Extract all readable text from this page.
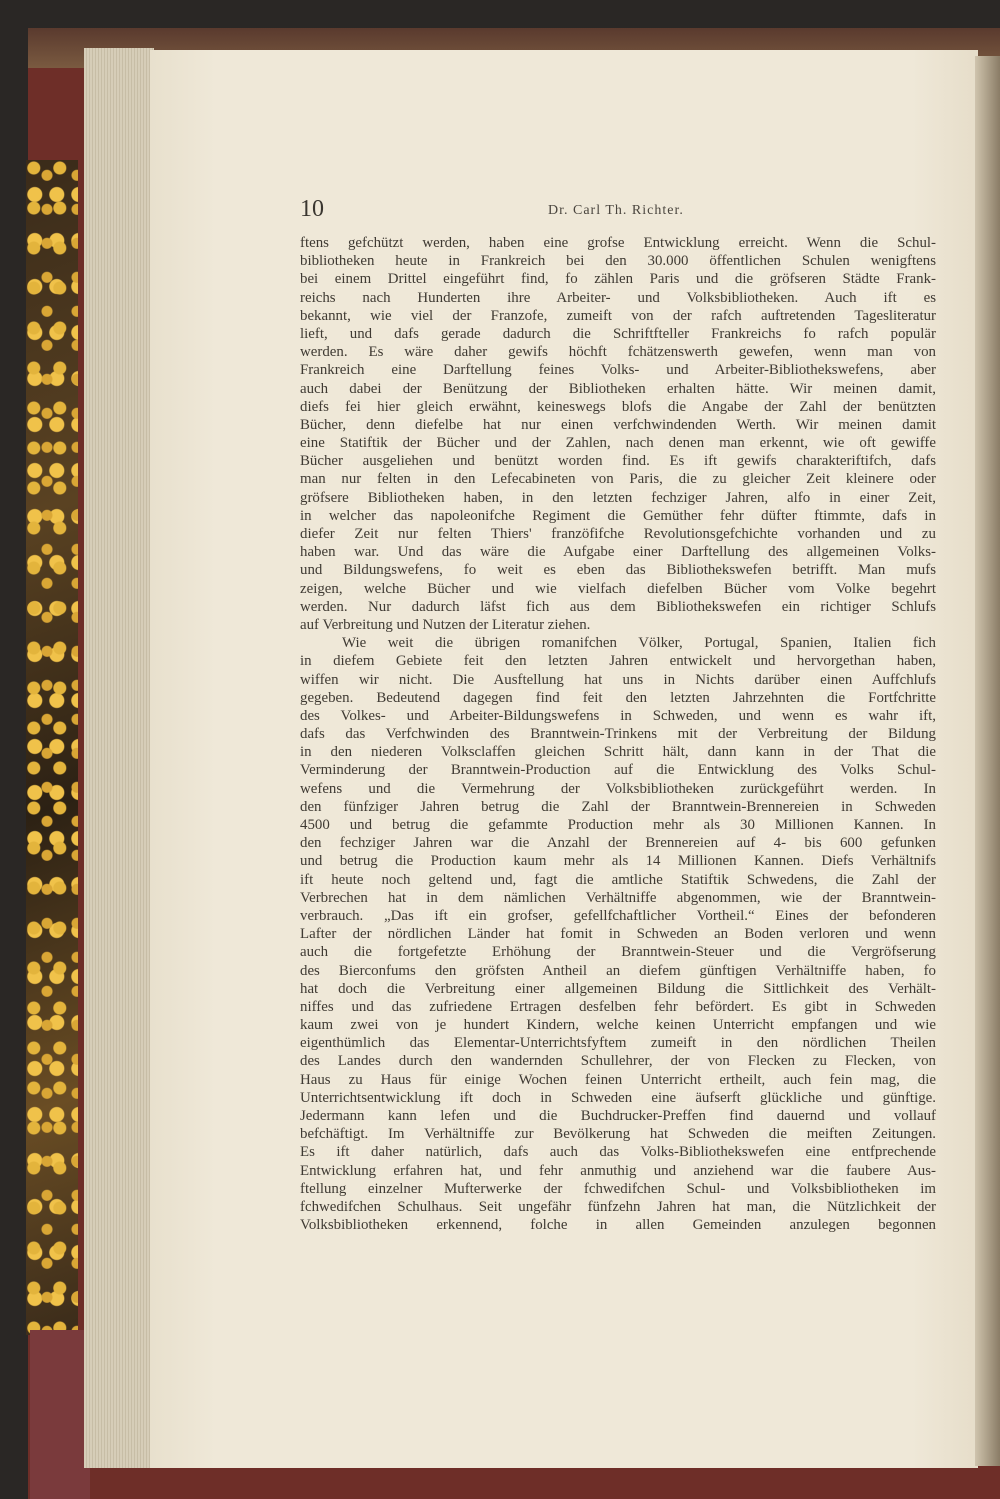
10	Dr. Carl Th. Richter.
ftens gefchützt werden, haben eine grofse Entwicklung erreicht. Wenn die Schul-
bibliotheken heute in Frankreich bei den 30.000 öffentlichen Schulen wenigftens
bei einem Drittel eingeführt find, fo zählen Paris und die gröfseren Städte Frank-
reichs nach Hunderten ihre Arbeiter- und Volksbibliotheken. Auch ift es
bekannt, wie viel der Franzofe, zumeift von der rafch auftretenden Tagesliteratur
lieft, und dafs gerade dadurch die Schriftfteller Frankreichs fo rafch populär
werden. Es wäre daher gewifs höchft fchätzenswerth gewefen, wenn man von
Frankreich eine Darftellung feines Volks- und Arbeiter-Bibliothekswefens, aber
auch dabei der Benützung der Bibliotheken erhalten hätte. Wir meinen damit,
diefs fei hier gleich erwähnt, keineswegs blofs die Angabe der Zahl der benützten
Bücher, denn diefelbe hat nur einen verfchwindenden Werth. Wir meinen damit
eine Statiftik der Bücher und der Zahlen, nach denen man erkennt, wie oft gewiffe
Bücher ausgeliehen und benützt worden find. Es ift gewifs charakteriftifch, dafs
man nur felten in den Lefecabineten von Paris, die zu gleicher Zeit kleinere oder
gröfsere Bibliotheken haben, in den letzten fechziger Jahren, alfo in einer Zeit,
in welcher das napoleonifche Regiment die Gemüther fehr düfter ftimmte, dafs in
diefer Zeit nur felten Thiers' franzöfifche Revolutionsgefchichte vorhanden und zu
haben war. Und das wäre die Aufgabe einer Darftellung des allgemeinen Volks-
und Bildungswefens, fo weit es eben das Bibliothekswefen betrifft. Man mufs
zeigen, welche Bücher und wie vielfach diefelben Bücher vom Volke begehrt
werden. Nur dadurch läfst fich aus dem Bibliothekswefen ein richtiger Schlufs
auf Verbreitung und Nutzen der Literatur ziehen.
Wie weit die übrigen romanifchen Völker, Portugal, Spanien, Italien fich
in diefem Gebiete feit den letzten Jahren entwickelt und hervorgethan haben,
wiffen wir nicht. Die Ausftellung hat uns in Nichts darüber einen Auffchlufs
gegeben. Bedeutend dagegen find feit den letzten Jahrzehnten die Fortfchritte
des Volkes- und Arbeiter-Bildungswefens in Schweden, und wenn es wahr ift,
dafs das Verfchwinden des Branntwein-Trinkens mit der Verbreitung der Bildung
in den niederen Volksclaffen gleichen Schritt hält, dann kann in der That die
Verminderung der Branntwein-Production auf die Entwicklung des Volks Schul-
wefens und die Vermehrung der Volksbibliotheken zurückgeführt werden. In
den fünfziger Jahren betrug die Zahl der Branntwein-Brennereien in Schweden
4500 und betrug die gefammte Production mehr als 30 Millionen Kannen. In
den fechziger Jahren war die Anzahl der Brennereien auf 4- bis 600 gefunken
und betrug die Production kaum mehr als 14 Millionen Kannen. Diefs Verhältnifs
ift heute noch geltend und, fagt die amtliche Statiftik Schwedens, die Zahl der
Verbrechen hat in dem nämlichen Verhältniffe abgenommen, wie der Branntwein-
verbrauch. „Das ift ein grofser, gefellfchaftlicher Vortheil.“ Eines der befonderen
Lafter der nördlichen Länder hat fomit in Schweden an Boden verloren und wenn
auch die fortgefetzte Erhöhung der Branntwein-Steuer und die Vergröfserung
des Bierconfums den gröfsten Antheil an diefem günftigen Verhältniffe haben, fo
hat doch die Verbreitung einer allgemeinen Bildung die Sittlichkeit des Verhält-
niffes und das zufriedene Ertragen desfelben fehr befördert. Es gibt in Schweden
kaum zwei von je hundert Kindern, welche keinen Unterricht empfangen und wie
eigenthümlich das Elementar-Unterrichtsfyftem zumeift in den nördlichen Theilen
des Landes durch den wandernden Schullehrer, der von Flecken zu Flecken, von
Haus zu Haus für einige Wochen feinen Unterricht ertheilt, auch fein mag, die
Unterrichtsentwicklung ift doch in Schweden eine äufserft glückliche und günftige.
Jedermann kann lefen und die Buchdrucker-Preffen find dauernd und vollauf
befchäftigt. Im Verhältniffe zur Bevölkerung hat Schweden die meiften Zeitungen.
Es ift daher natürlich, dafs auch das Volks-Bibliothekswefen eine entfprechende
Entwicklung erfahren hat, und fehr anmuthig und anziehend war die faubere Aus-
ftellung einzelner Mufterwerke der fchwedifchen Schul- und Volksbibliotheken im
fchwedifchen Schulhaus. Seit ungefähr fünfzehn Jahren hat man, die Nützlichkeit der
Volksbibliotheken erkennend, folche in allen Gemeinden anzulegen begonnen
